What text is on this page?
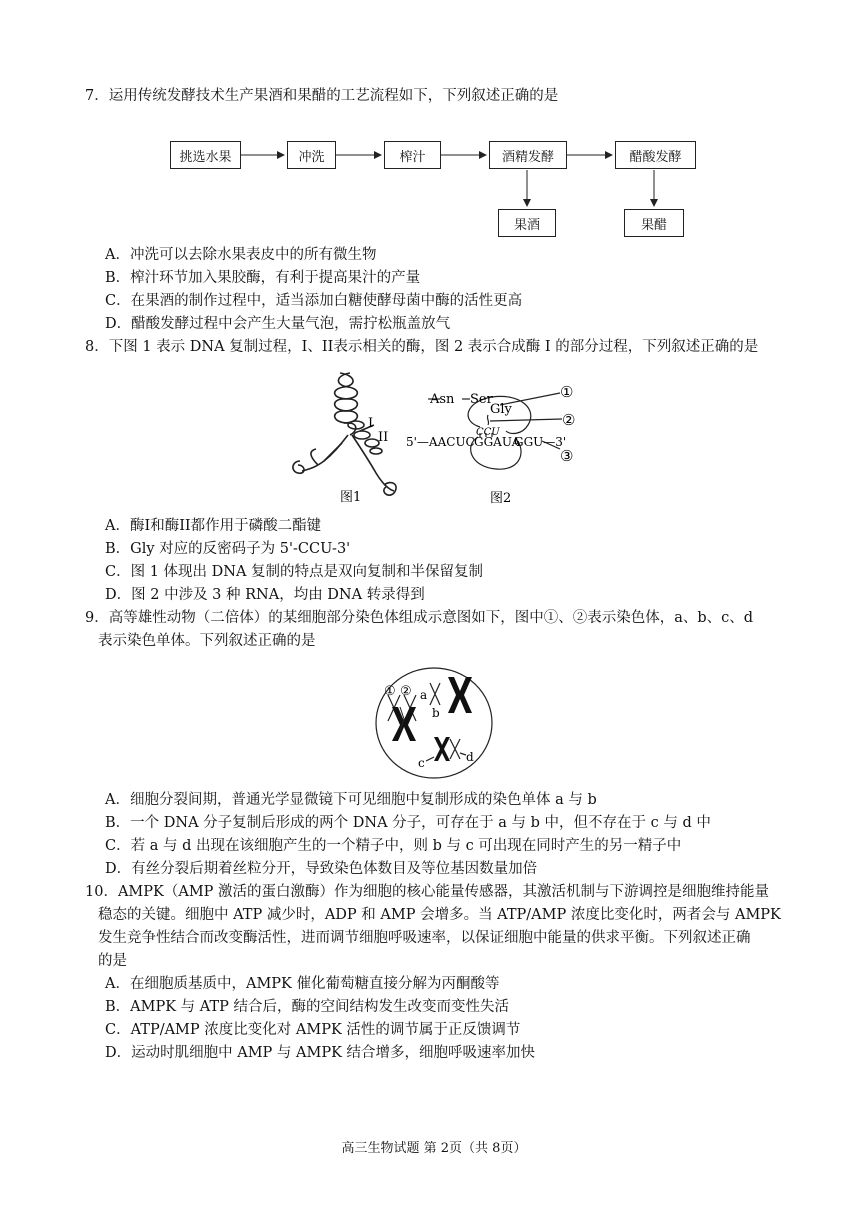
7．运用传统发酵技术生产果酒和果醋的工艺流程如下，下列叙述正确的是
挑选水果	冲洗	榨汁	酒精发酵	醋酸发酵
果酒	果醋
A．冲洗可以去除水果表皮中的所有微生物
B．榨汁环节加入果胶酶，有利于提高果汁的产量
C．在果酒的制作过程中，适当添加白糖使酵母菌中酶的活性更高
D．醋酸发酵过程中会产生大量气泡，需拧松瓶盖放气
8．下图 1 表示 DNA 复制过程，I、II表示相关的酶，图 2 表示合成酶 I 的部分过程，下列叙述正确的是
I
II
图1
Asn Ser
Gly
CCU
5'—AACUC GGAUA
GGU—3'
①
②
③
图2
A．酶I和酶II都作用于磷酸二酯键
B．Gly 对应的反密码子为 5'-CCU-3'
C．图 1 体现出 DNA 复制的特点是双向复制和半保留复制
D．图 2 中涉及 3 种 RNA，均由 DNA 转录得到
9．高等雄性动物（二倍体）的某细胞部分染色体组成示意图如下，图中①、②表示染色体，a、b、c、d
表示染色单体。下列叙述正确的是
① ② a
b
c	d
A．细胞分裂间期，普通光学显微镜下可见细胞中复制形成的染色单体 a 与 b
B．一个 DNA 分子复制后形成的两个 DNA 分子，可存在于 a 与 b 中，但不存在于 c 与 d 中
C．若 a 与 d 出现在该细胞产生的一个精子中，则 b 与 c 可出现在同时产生的另一精子中
D．有丝分裂后期着丝粒分开，导致染色体数目及等位基因数量加倍
10．AMPK（AMP 激活的蛋白激酶）作为细胞的核心能量传感器，其激活机制与下游调控是细胞维持能量
稳态的关键。细胞中 ATP 减少时，ADP 和 AMP 会增多。当 ATP/AMP 浓度比变化时，两者会与 AMPK
发生竞争性结合而改变酶活性，进而调节细胞呼吸速率，以保证细胞中能量的供求平衡。下列叙述正确
的是
A．在细胞质基质中，AMPK 催化葡萄糖直接分解为丙酮酸等
B．AMPK 与 ATP 结合后，酶的空间结构发生改变而变性失活
C．ATP/AMP 浓度比变化对 AMPK 活性的调节属于正反馈调节
D．运动时肌细胞中 AMP 与 AMPK 结合增多，细胞呼吸速率加快
高三生物试题 第 2页（共 8页）
